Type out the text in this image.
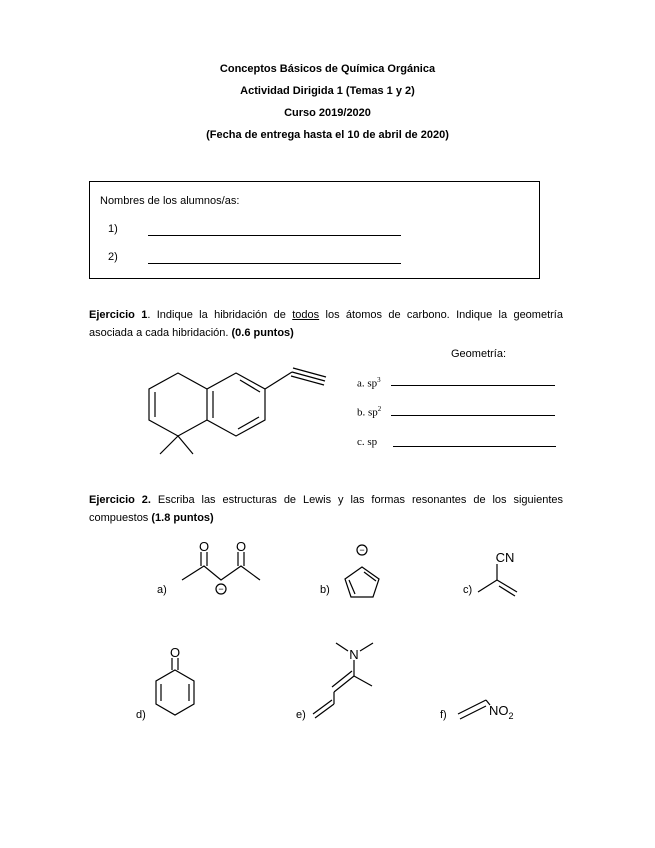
Conceptos Básicos de Química Orgánica
Actividad Dirigida 1 (Temas 1 y 2)
Curso 2019/2020
(Fecha de entrega hasta el 10 de abril de 2020)
Nombres de los alumnos/as:
1)
2)
Ejercicio 1. Indique la hibridación de todos los átomos de carbono. Indique la geometría asociada a cada hibridación. (0.6 puntos)
Geometría:
a. $sp^3$
b. $sp^2$
c. sp
Ejercicio 2. Escriba las estructuras de Lewis y las formas resonantes de los siguientes compuestos (1.8 puntos)
a)	b)	c)
d)	e)	f)
O O
−
−	CN
O	N
$NO_2$
